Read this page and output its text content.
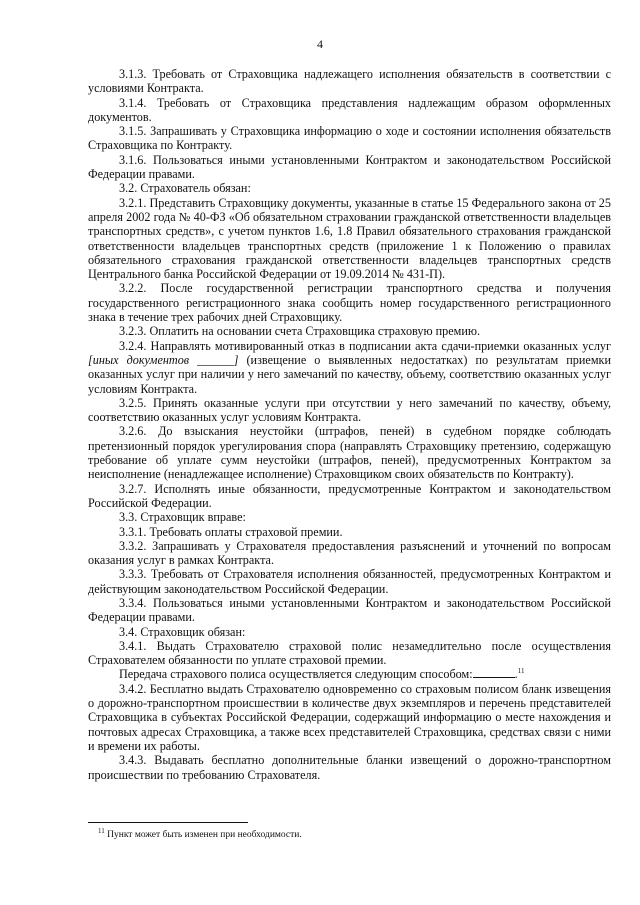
4

3.1.3. Требовать от Страховщика надлежащего исполнения обязательств в соответствии с условиями Контракта.

3.1.4. Требовать от Страховщика представления надлежащим образом оформленных документов.

3.1.5. Запрашивать у Страховщика информацию о ходе и состоянии исполнения обязательств Страховщика по Контракту.

3.1.6. Пользоваться иными установленными Контрактом и законодательством Российской Федерации правами.

3.2. Страхователь обязан:

3.2.1. Представить Страховщику документы, указанные в статье 15 Федерального закона от 25 апреля 2002 года № 40-ФЗ «Об обязательном страховании гражданской ответственности владельцев транспортных средств», с учетом пунктов 1.6, 1.8 Правил обязательного страхования гражданской ответственности владельцев транспортных средств (приложение 1 к Положению о правилах обязательного страхования гражданской ответственности владельцев транспортных средств Центрального банка Российской Федерации от 19.09.2014 № 431-П).

3.2.2. После государственной регистрации транспортного средства и получения государственного регистрационного знака сообщить номер государственного регистрационного знака в течение трех рабочих дней Страховщику.

3.2.3. Оплатить на основании счета Страховщика страховую премию.

3.2.4. Направлять мотивированный отказ в подписании акта сдачи-приемки оказанных услуг [иных документов ______] (извещение о выявленных недостатках) по результатам приемки оказанных услуг при наличии у него замечаний по качеству, объему, соответствию оказанных услуг условиям Контракта.

3.2.5. Принять оказанные услуги при отсутствии у него замечаний по качеству, объему, соответствию оказанных услуг условиям Контракта.

3.2.6. До взыскания неустойки (штрафов, пеней) в судебном порядке соблюдать претензионный порядок урегулирования спора (направлять Страховщику претензию, содержащую требование об уплате сумм неустойки (штрафов, пеней), предусмотренных Контрактом за неисполнение (ненадлежащее исполнение) Страховщиком своих обязательств по Контракту).

3.2.7. Исполнять иные обязанности, предусмотренные Контрактом и законодательством Российской Федерации.

3.3. Страховщик вправе:

3.3.1. Требовать оплаты страховой премии.

3.3.2. Запрашивать у Страхователя предоставления разъяснений и уточнений по вопросам оказания услуг в рамках Контракта.

3.3.3. Требовать от Страхователя исполнения обязанностей, предусмотренных Контрактом и действующим законодательством Российской Федерации.

3.3.4. Пользоваться иными установленными Контрактом и законодательством Российской Федерации правами.

3.4. Страховщик обязан:

3.4.1. Выдать Страхователю страховой полис незамедлительно после осуществления Страхователем обязанности по уплате страховой премии.

Передача страхового полиса осуществляется следующим способом:	.$^{11}$

3.4.2. Бесплатно выдать Страхователю одновременно со страховым полисом бланк извещения о дорожно-транспортном происшествии в количестве двух экземпляров и перечень представителей Страховщика в субъектах Российской Федерации, содержащий информацию о месте нахождения и почтовых адресах Страховщика, а также всех представителей Страховщика, средствах связи с ними и времени их работы.

3.4.3. Выдавать бесплатно дополнительные бланки извещений о дорожно-транспортном происшествии по требованию Страхователя.

$^{11}$ Пункт может быть изменен при необходимости.
